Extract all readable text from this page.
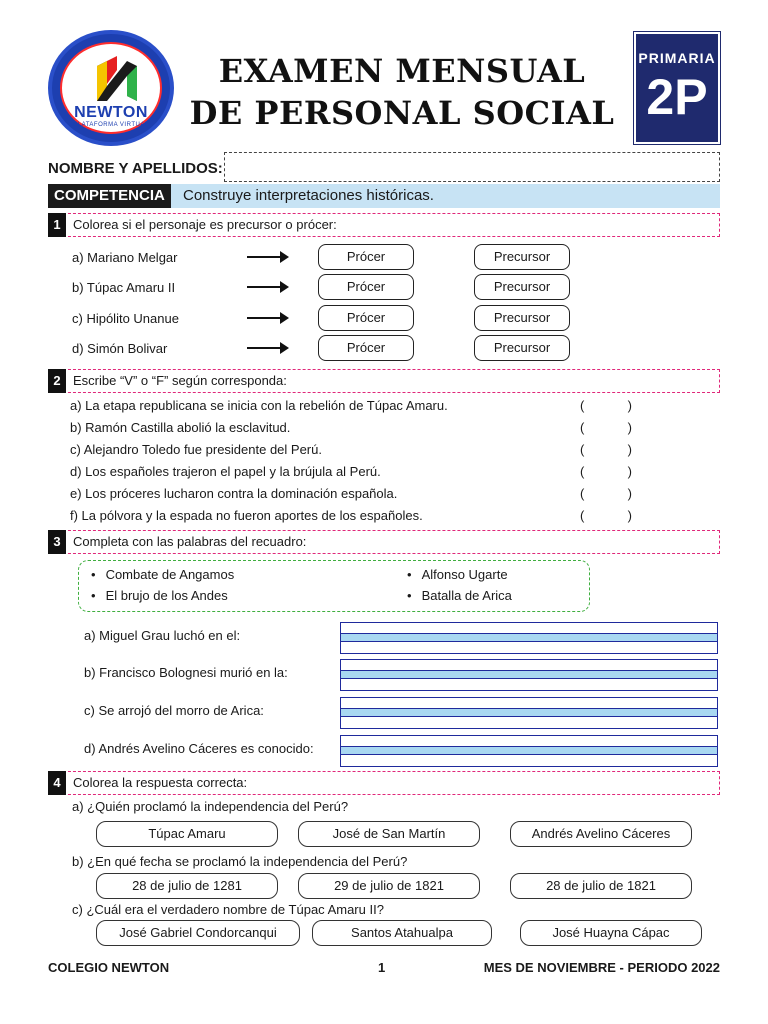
NEWTON
PLATAFORMA VIRTUAL
EXAMEN MENSUAL
DE PERSONAL SOCIAL
PRIMARIA
2P
NOMBRE Y APELLIDOS:
COMPETENCIA	Construye interpretaciones históricas.
1 Colorea si el personaje es precursor o prócer:
a) Mariano Melgar	Prócer	Precursor
b) Túpac Amaru II	Prócer	Precursor
c) Hipólito Unanue	Prócer	Precursor
d) Simón Bolivar	Prócer	Precursor
2 Escribe “V” o “F” según corresponda:
a) La etapa republicana se inicia con la rebelión de Túpac Amaru.	(	)
b) Ramón Castilla abolió la esclavitud.	(	)
c) Alejandro Toledo fue presidente del Perú.	(	)
d) Los españoles trajeron el papel y la brújula al Perú.	(	)
e) Los próceres lucharon contra la dominación española.	(	)
f) La pólvora y la espada no fueron aportes de los españoles.	(	)
3 Completa con las palabras del recuadro:
• Combate de Angamos	• Alfonso Ugarte
• El brujo de los Andes	• Batalla de Arica
a) Miguel Grau luchó en el:
b) Francisco Bolognesi murió en la:
c) Se arrojó del morro de Arica:
d) Andrés Avelino Cáceres es conocido:
4 Colorea la respuesta correcta:
a) ¿Quién proclamó la independencia del Perú?
Túpac Amaru	José de San Martín	Andrés Avelino Cáceres
b) ¿En qué fecha se proclamó la independencia del Perú?
28 de julio de 1281	29 de julio de 1821	28 de julio de 1821
c) ¿Cuál era el verdadero nombre de Túpac Amaru II?
José Gabriel Condorcanqui	Santos Atahualpa	José Huayna Cápac
COLEGIO NEWTON	1	MES DE NOVIEMBRE - PERIODO 2022
